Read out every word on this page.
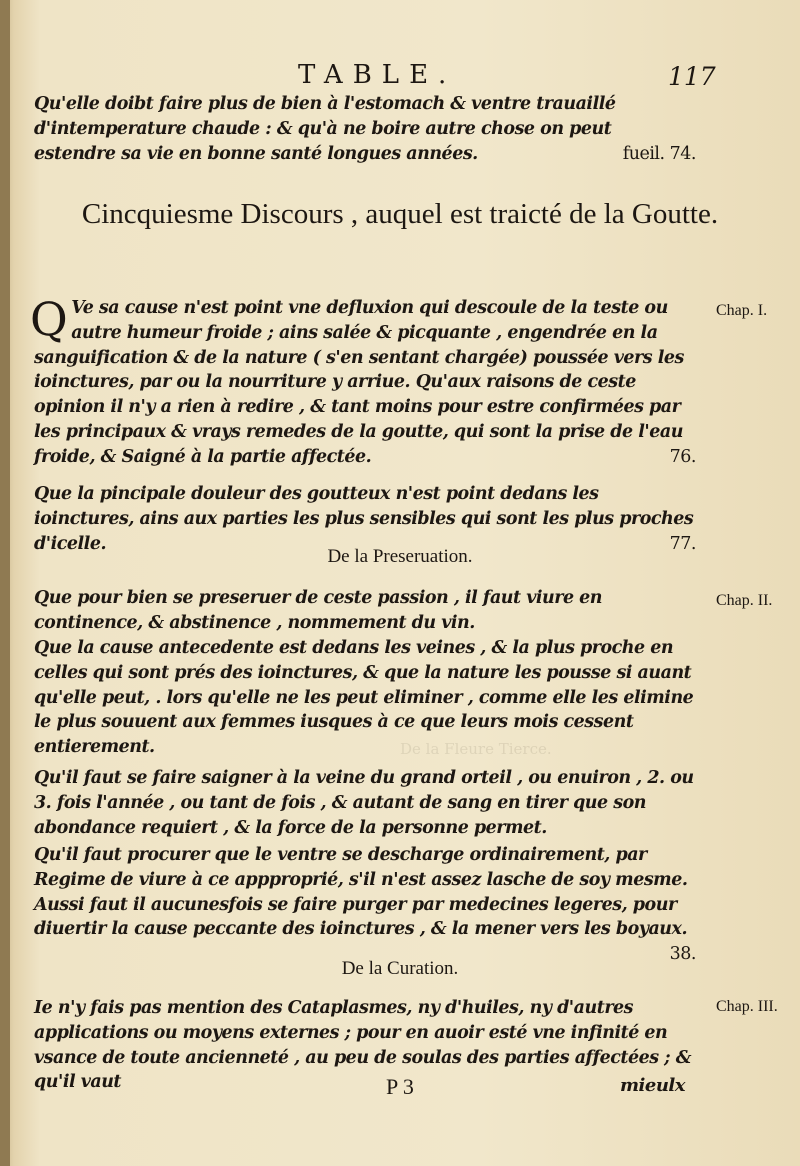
De la Fleure Tierce.
TABLE.	117
Qu'elle doibt faire plus de bien à l'estomach & ventre trauaillé d'intemperature chaude : & qu'à ne boire autre chose on peut estendre sa vie en bonne santé longues années.	fueil. 74.
Cincquiesme Discours , auquel est traicté de la Goutte.
Q Ve sa cause n'est point vne defluxion qui descoule de la teste ou autre humeur froide ; ains salée & picquante , engendrée en la sanguification & de la nature ( s'en sentant chargée) poussée vers les ioinctures, par ou la nourriture y arriue. Qu'aux raisons de ceste opinion il n'y a rien à redire , & tant moins pour estre confirmées par les principaux & vrays remedes de la goutte, qui sont la prise de l'eau froide, & Saigné à la partie affectée.	76.
Chap. I.
Que la pincipale douleur des goutteux n'est point dedans les ioinctures, ains aux parties les plus sensibles qui sont les plus proches d'icelle.	77.
De la Preseruation.
Que pour bien se preseruer de ceste passion , il faut viure en continence, & abstinence , nommement du vin.
Chap. II.
Que la cause antecedente est dedans les veines , & la plus proche en celles qui sont prés des ioinctures, & que la nature les pousse si auant qu'elle peut, . lors qu'elle ne les peut eliminer , comme elle les elimine le plus souuent aux femmes iusques à ce que leurs mois cessent entierement.
Qu'il faut se faire saigner à la veine du grand orteil , ou enuiron , 2. ou 3. fois l'année , ou tant de fois , & autant de sang en tirer que son abondance requiert , & la force de la personne permet.
Qu'il faut procurer que le ventre se descharge ordinairement, par Regime de viure à ce appproprié, s'il n'est assez lasche de soy mesme. Aussi faut il aucunesfois se faire purger par medecines legeres, pour diuertir la cause peccante des ioinctures , & la mener vers les boyaux.
38.
De la Curation.
Ie n'y fais pas mention des Cataplasmes, ny d'huiles, ny d'autres applications ou moyens externes ; pour en auoir esté vne infinité en vsance de toute ancienneté , au peu de soulas des parties affectées ; & qu'il vaut
Chap. III.
P 3	mieulx
